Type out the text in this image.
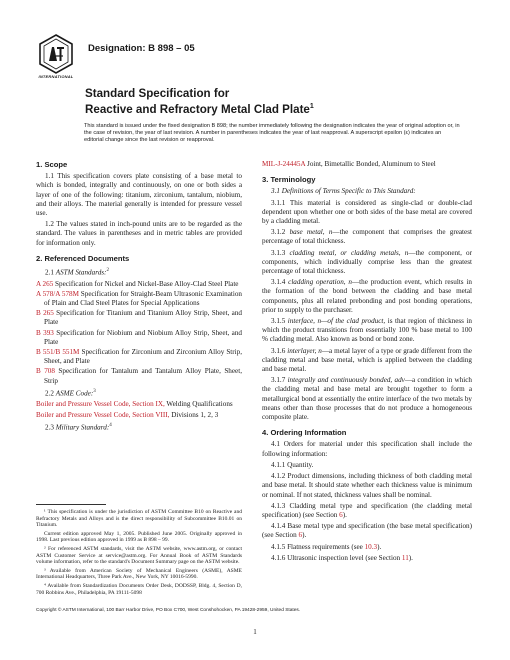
INTERNATIONAL
Designation: B 898 – 05
Standard Specification for
Reactive and Refractory Metal Clad Plate$^1$
This standard is issued under the fixed designation B 898; the number immediately following the designation indicates the year of original adoption or, in the case of revision, the year of last revision. A number in parentheses indicates the year of last reapproval. A superscript epsilon (ε) indicates an editorial change since the last revision or reapproval.
1. Scope

1.1 This specification covers plate consisting of a base metal to which is bonded, integrally and continuously, on one or both sides a layer of one of the following: titanium, zirconium, tantalum, niobium, and their alloys. The material generally is intended for pressure vessel use.

1.2 The values stated in inch-pound units are to be regarded as the standard. The values in parentheses and in metric tables are provided for information only.

2. Referenced Documents

2.1 ASTM Standards:$^2$

A 265 Specification for Nickel and Nickel-Base Alloy-Clad Steel Plate

A 578/A 578M Specification for Straight-Beam Ultrasonic Examination of Plain and Clad Steel Plates for Special Applications

B 265 Specification for Titanium and Titanium Alloy Strip, Sheet, and Plate

B 393 Specification for Niobium and Niobium Alloy Strip, Sheet, and Plate

B 551/B 551M Specification for Zirconium and Zirconium Alloy Strip, Sheet, and Plate

B 708 Specification for Tantalum and Tantalum Alloy Plate, Sheet, Strip

2.2 ASME Code:$^3$

Boiler and Pressure Vessel Code, Section IX, Welding Qualifications

Boiler and Pressure Vessel Code, Section VIII, Divisions 1, 2, 3

2.3 Military Standard:$^4$

¹ This specification is under the jurisdiction of ASTM Committee B10 on Reactive and Refractory Metals and Alloys and is the direct responsibility of Subcommittee B10.01 on Titanium.

Current edition approved May 1, 2005. Published June 2005. Originally approved in 1998. Last previous edition approved in 1999 as B 898 – 99.

² For referenced ASTM standards, visit the ASTM website, www.astm.org, or contact ASTM Customer Service at service@astm.org. For Annual Book of ASTM Standards volume information, refer to the standard's Document Summary page on the ASTM website.

³ Available from American Society of Mechanical Engineers (ASME), ASME International Headquarters, Three Park Ave., New York, NY 10016-5990.

⁴ Available from Standardization Documents Order Desk, DODSSP, Bldg. 4, Section D, 700 Robbins Ave., Philadelphia, PA 19111-5098

MIL-J-24445A Joint, Bimetallic Bonded, Aluminum to Steel

3. Terminology

3.1 Definitions of Terms Specific to This Standard:

3.1.1 This material is considered as single-clad or double-clad dependent upon whether one or both sides of the base metal are covered by a cladding metal.

3.1.2 base metal, n—the component that comprises the greatest percentage of total thickness.

3.1.3 cladding metal, or cladding metals, n—the component, or components, which individually comprise less than the greatest percentage of total thickness.

3.1.4 cladding operation, n—the production event, which results in the formation of the bond between the cladding and base metal components, plus all related prebonding and post bonding operations, prior to supply to the purchaser.

3.1.5 interface, n—of the clad product, is that region of thickness in which the product transitions from essentially 100 % base metal to 100 % cladding metal. Also known as bond or bond zone.

3.1.6 interlayer, n—a metal layer of a type or grade different from the cladding metal and base metal, which is applied between the cladding and base metal.

3.1.7 integrally and continuously bonded, adv—a condition in which the cladding metal and base metal are brought together to form a metallurgical bond at essentially the entire interface of the two metals by means other than those processes that do not produce a homogeneous composite plate.

4. Ordering Information

4.1 Orders for material under this specification shall include the following information:

4.1.1 Quantity.

4.1.2 Product dimensions, including thickness of both cladding metal and base metal. It should state whether each thickness value is minimum or nominal. If not stated, thickness values shall be nominal.

4.1.3 Cladding metal type and specification (the cladding metal specification) (see Section 6).

4.1.4 Base metal type and specification (the base metal specification) (see Section 6).

4.1.5 Flatness requirements (see 10.3).

4.1.6 Ultrasonic inspection level (see Section 11).

Copyright © ASTM International, 100 Barr Harbor Drive, PO Box C700, West Conshohocken, PA 19428-2959, United States.
1
